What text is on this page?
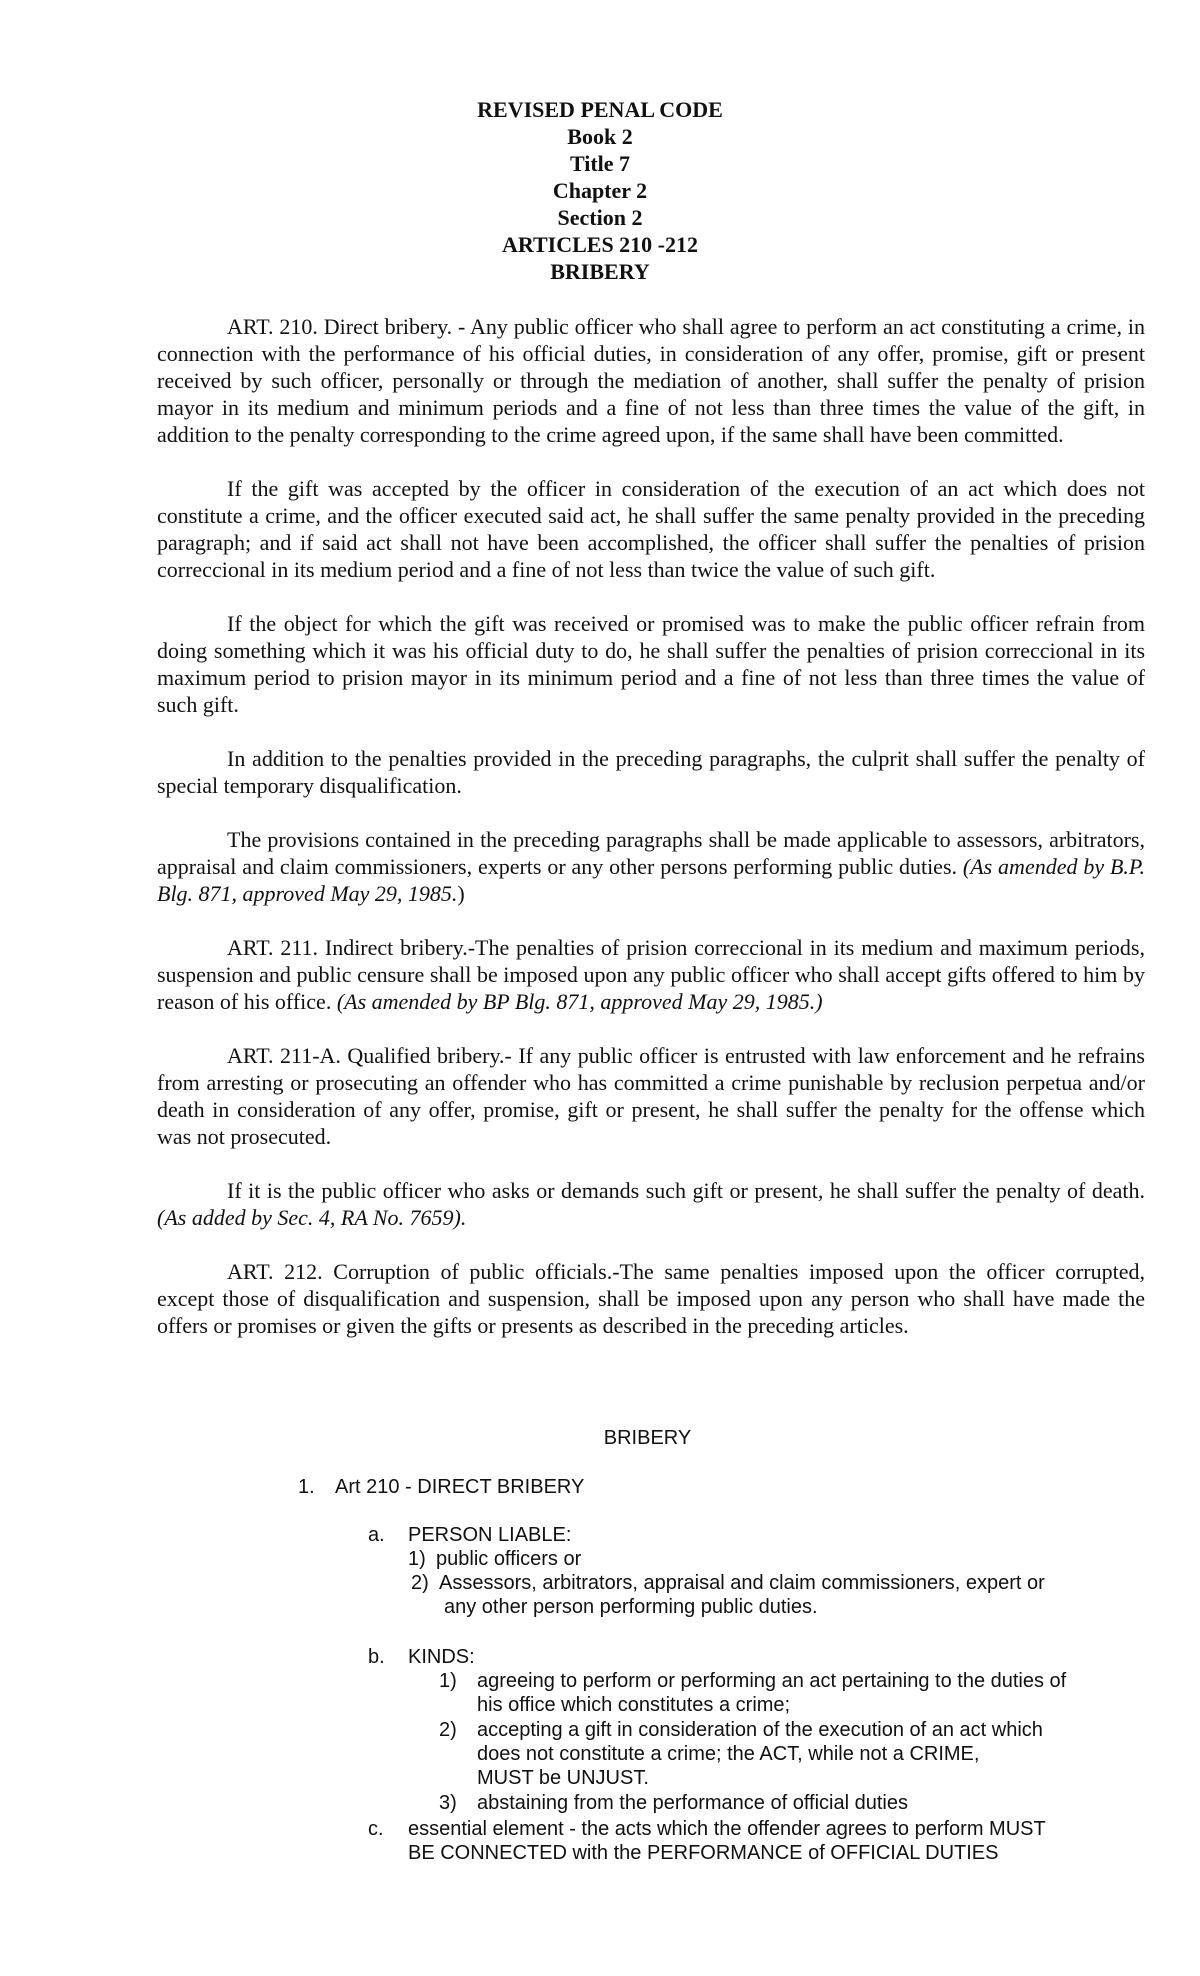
REVISED PENAL CODE
Book 2
Title 7
Chapter 2
Section 2
ARTICLES 210 -212
BRIBERY

ART. 210. Direct bribery. - Any public officer who shall agree to perform an act constituting a crime, in connection with the performance of his official duties, in consideration of any offer, promise, gift or present received by such officer, personally or through the mediation of another, shall suffer the penalty of prision mayor in its medium and minimum periods and a fine of not less than three times the value of the gift, in addition to the penalty corresponding to the crime agreed upon, if the same shall have been committed.

If the gift was accepted by the officer in consideration of the execution of an act which does not constitute a crime, and the officer executed said act, he shall suffer the same penalty provided in the preceding paragraph; and if said act shall not have been accomplished, the officer shall suffer the penalties of prision correccional in its medium period and a fine of not less than twice the value of such gift.

If the object for which the gift was received or promised was to make the public officer refrain from doing something which it was his official duty to do, he shall suffer the penalties of prision correccional in its maximum period to prision mayor in its minimum period and a fine of not less than three times the value of such gift.

In addition to the penalties provided in the preceding paragraphs, the culprit shall suffer the penalty of special temporary disqualification.

The provisions contained in the preceding paragraphs shall be made applicable to assessors, arbitrators, appraisal and claim commissioners, experts or any other persons performing public duties. (As amended by B.P. Blg. 871, approved May 29, 1985.)

ART. 211. Indirect bribery.-The penalties of prision correccional in its medium and maximum periods, suspension and public censure shall be imposed upon any public officer who shall accept gifts offered to him by reason of his office. (As amended by BP Blg. 871, approved May 29, 1985.)

ART. 211-A. Qualified bribery.- If any public officer is entrusted with law enforcement and he refrains from arresting or prosecuting an offender who has committed a crime punishable by reclusion perpetua and/or death in consideration of any offer, promise, gift or present, he shall suffer the penalty for the offense which was not prosecuted.

If it is the public officer who asks or demands such gift or present, he shall suffer the penalty of death. (As added by Sec. 4, RA No. 7659).

ART. 212. Corruption of public officials.-The same penalties imposed upon the officer corrupted, except those of disqualification and suspension, shall be imposed upon any person who shall have made the offers or promises or given the gifts or presents as described in the preceding articles.

BRIBERY
1. Art 210 - DIRECT BRIBERY
a. PERSON LIABLE:
1) public officers or
2) Assessors, arbitrators, appraisal and claim commissioners, expert or
any other person performing public duties.
b. KINDS:
1) agreeing to perform or performing an act pertaining to the duties of
his office which constitutes a crime;
2) accepting a gift in consideration of the execution of an act which
does not constitute a crime; the ACT, while not a CRIME,
MUST be UNJUST.
3) abstaining from the performance of official duties
c. essential element - the acts which the offender agrees to perform MUST
BE CONNECTED with the PERFORMANCE of OFFICIAL DUTIES
